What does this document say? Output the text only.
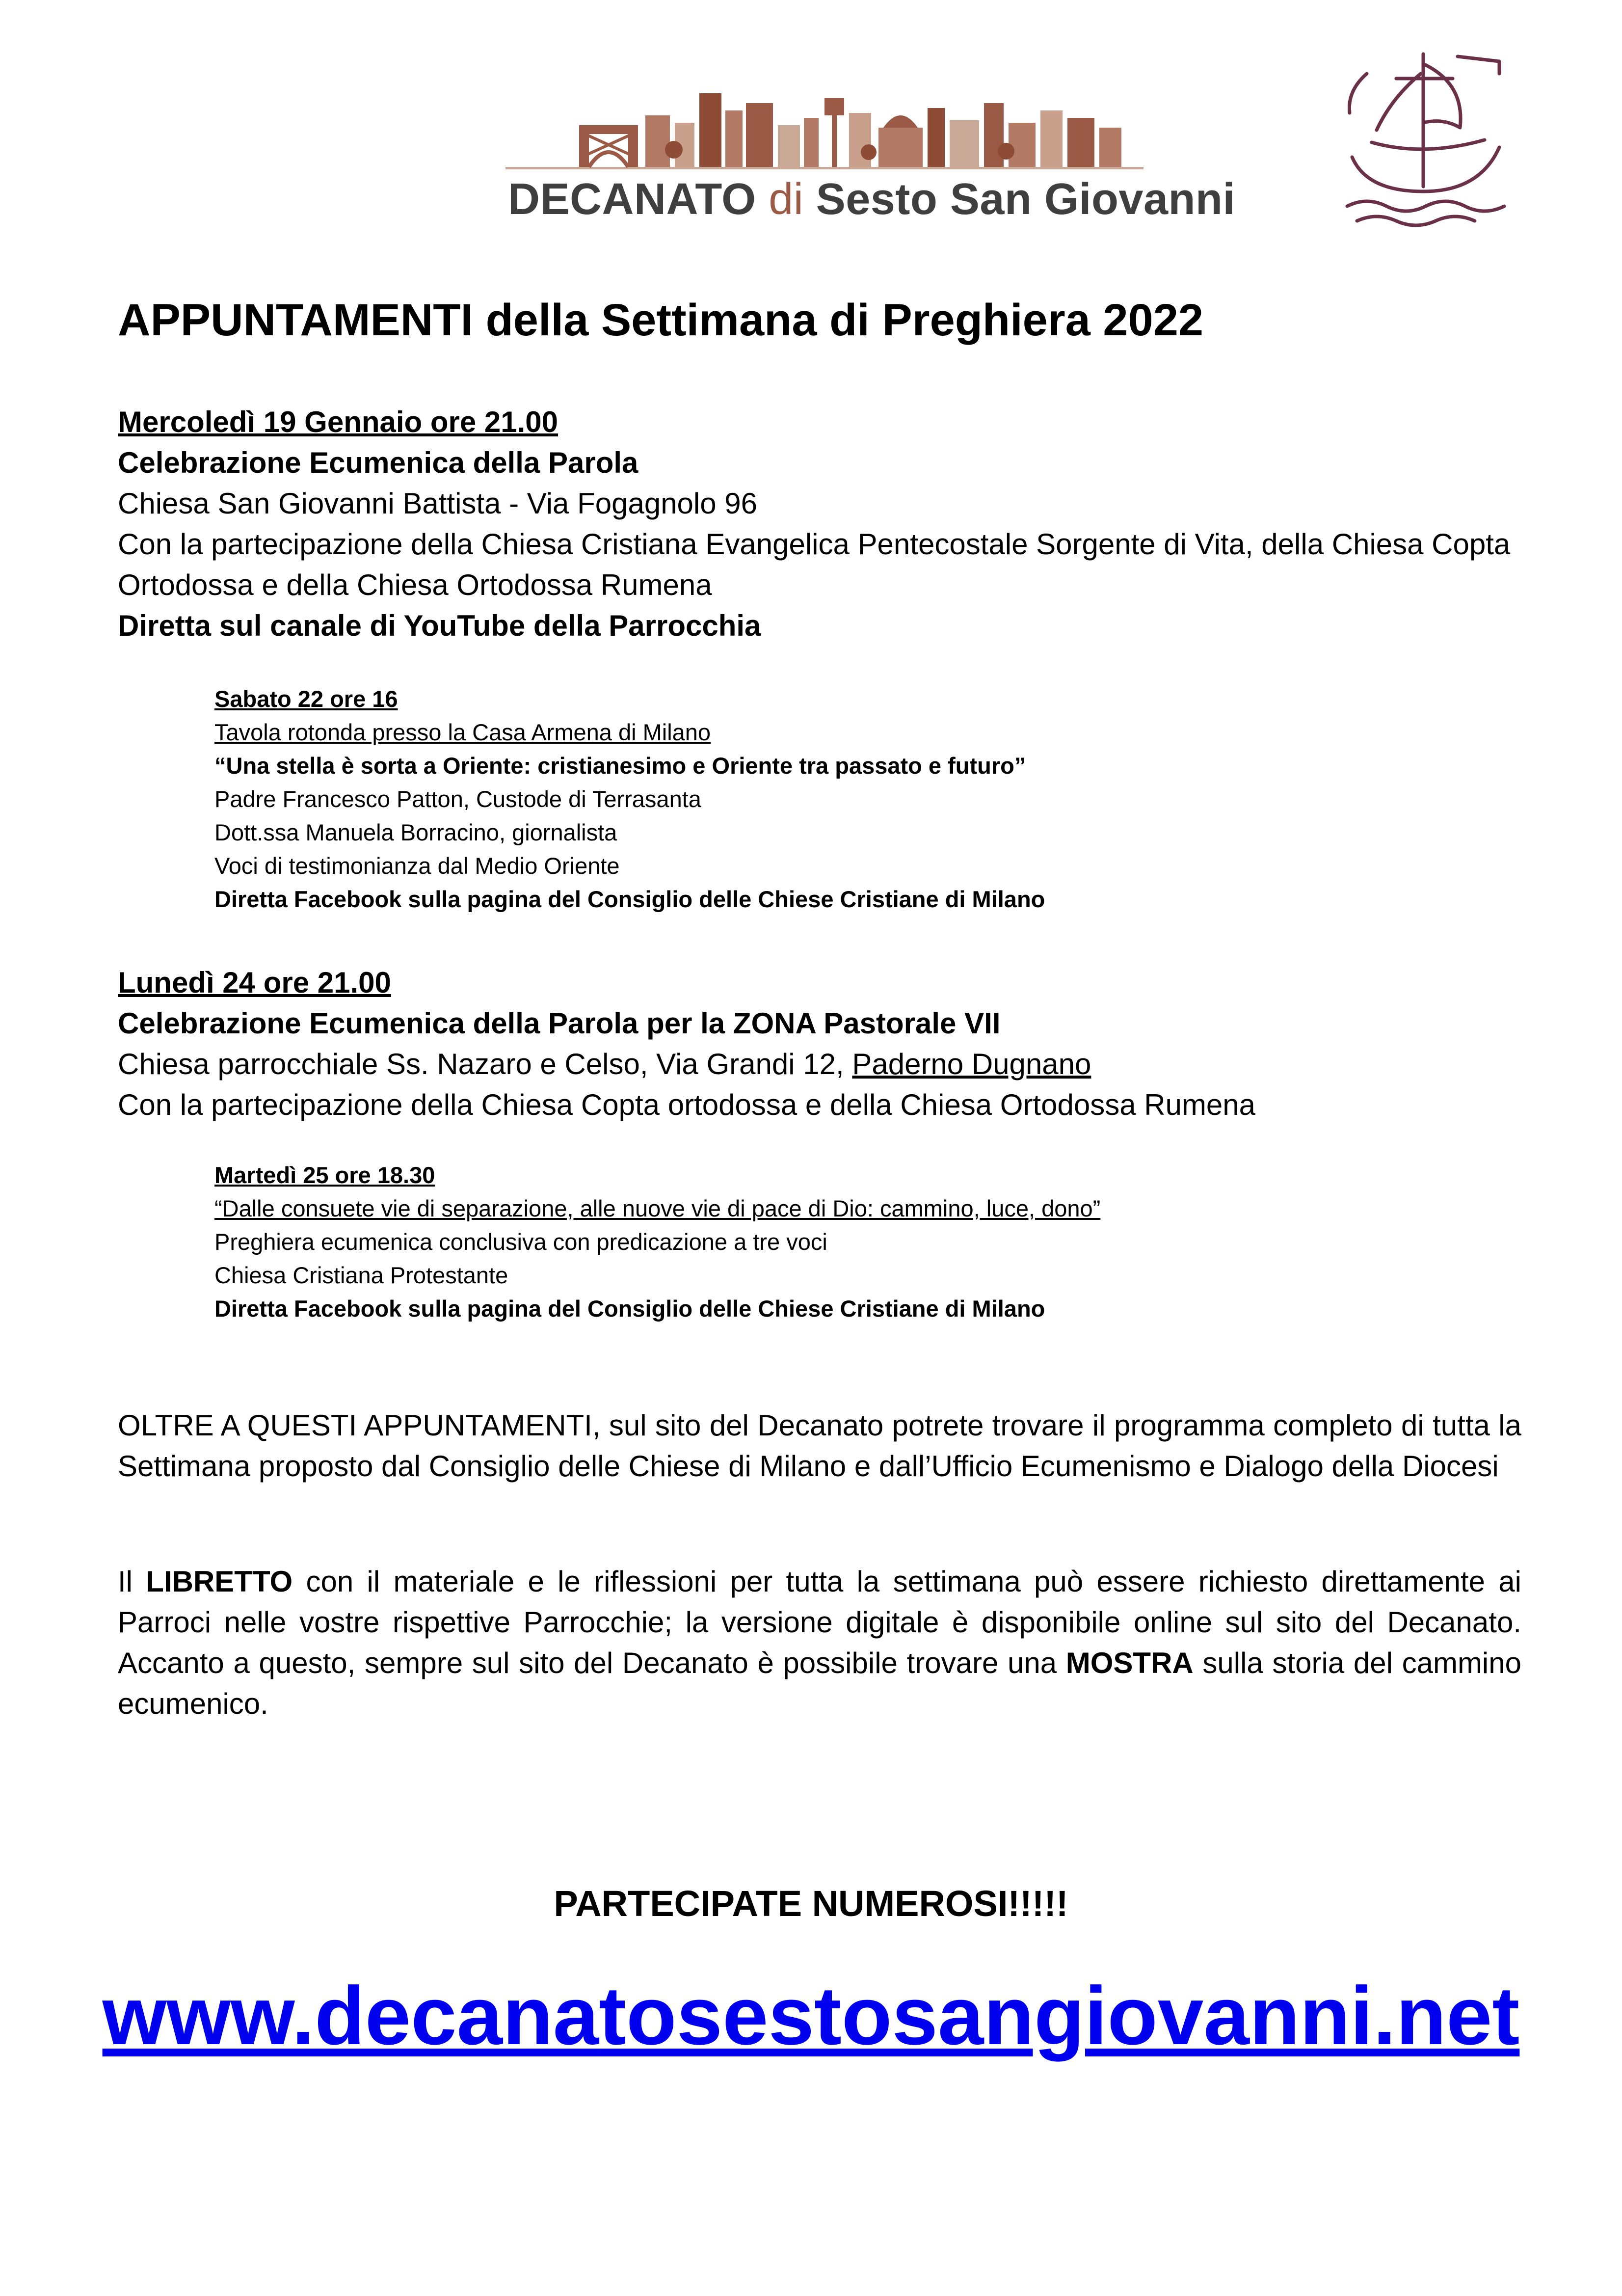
DECANATO di Sesto San Giovanni
APPUNTAMENTI della Settimana di Preghiera 2022

Mercoledì 19 Gennaio ore 21.00

Celebrazione Ecumenica della Parola

Chiesa San Giovanni Battista - Via Fogagnolo 96

Con la partecipazione della Chiesa Cristiana Evangelica Pentecostale Sorgente di Vita, della Chiesa Copta Ortodossa e della Chiesa Ortodossa Rumena

Diretta sul canale di YouTube della Parrocchia

Sabato 22 ore 16

Tavola rotonda presso la Casa Armena di Milano

“Una stella è sorta a Oriente: cristianesimo e Oriente tra passato e futuro”

Padre Francesco Patton, Custode di Terrasanta

Dott.ssa Manuela Borracino, giornalista

Voci di testimonianza dal Medio Oriente

Diretta Facebook sulla pagina del Consiglio delle Chiese Cristiane di Milano

Lunedì 24 ore 21.00

Celebrazione Ecumenica della Parola per la ZONA Pastorale VII

Chiesa parrocchiale Ss. Nazaro e Celso, Via Grandi 12, Paderno Dugnano

Con la partecipazione della Chiesa Copta ortodossa e della Chiesa Ortodossa Rumena

Martedì 25 ore 18.30

“Dalle consuete vie di separazione, alle nuove vie di pace di Dio: cammino, luce, dono”

Preghiera ecumenica conclusiva con predicazione a tre voci

Chiesa Cristiana Protestante

Diretta Facebook sulla pagina del Consiglio delle Chiese Cristiane di Milano

OLTRE A QUESTI APPUNTAMENTI, sul sito del Decanato potrete trovare il programma completo di tutta la Settimana proposto dal Consiglio delle Chiese di Milano e dall’Ufficio Ecumenismo e Dialogo della Diocesi

Il LIBRETTO con il materiale e le riflessioni per tutta la settimana può essere richiesto direttamente ai Parroci nelle vostre rispettive Parrocchie; la versione digitale è disponibile online sul sito del Decanato. Accanto a questo, sempre sul sito del Decanato è possibile trovare una MOSTRA sulla storia del cammino ecumenico.

PARTECIPATE NUMEROSI!!!!!
www.decanatosestosangiovanni.net
